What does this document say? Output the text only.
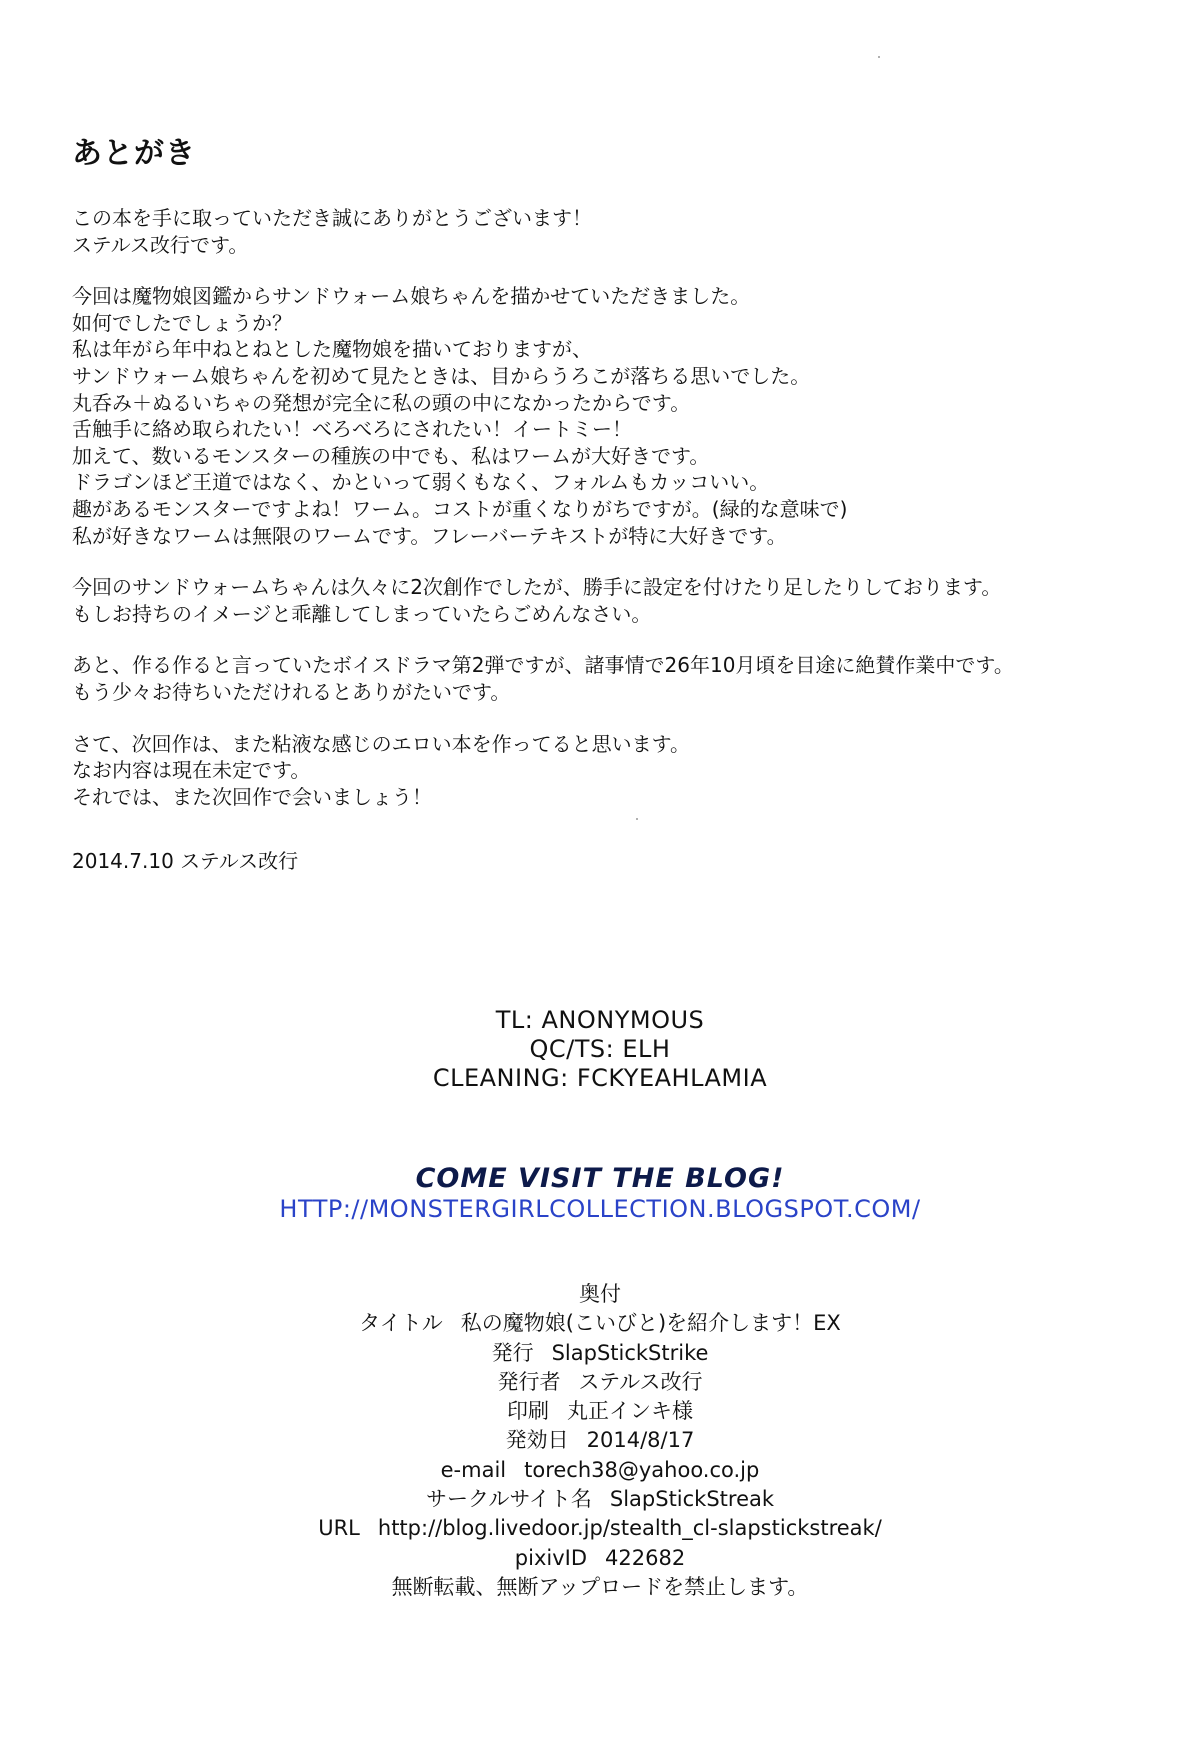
あとがき
この本を手に取っていただき誠にありがとうございます！
ステルス改行です。
今回は魔物娘図鑑からサンドウォーム娘ちゃんを描かせていただきました。
如何でしたでしょうか？
私は年がら年中ねとねとした魔物娘を描いておりますが、
サンドウォーム娘ちゃんを初めて見たときは、目からうろこが落ちる思いでした。
丸呑み＋ぬるいちゃの発想が完全に私の頭の中になかったからです。
舌触手に絡め取られたい！べろべろにされたい！イートミー！
加えて、数いるモンスターの種族の中でも、私はワームが大好きです。
ドラゴンほど王道ではなく、かといって弱くもなく、フォルムもカッコいい。
趣があるモンスターですよね！ワーム。コストが重くなりがちですが。(緑的な意味で)
私が好きなワームは無限のワームです。フレーバーテキストが特に大好きです。
今回のサンドウォームちゃんは久々に2次創作でしたが、勝手に設定を付けたり足したりしております。
もしお持ちのイメージと乖離してしまっていたらごめんなさい。
あと、作る作ると言っていたボイスドラマ第2弾ですが、諸事情で26年10月頃を目途に絶賛作業中です。
もう少々お待ちいただけれるとありがたいです。
さて、次回作は、また粘液な感じのエロい本を作ってると思います。
なお内容は現在未定です。
それでは、また次回作で会いましょう！
2014.7.10 ステルス改行
TL: ANONYMOUS
QC/TS: ELH
CLEANING: FCKYEAHLAMIA
COME VISIT THE BLOG!
HTTP://MONSTERGIRLCOLLECTION.BLOGSPOT.COM/
奥付
タイトル 私の魔物娘(こいびと)を紹介します！EX
発行 SlapStickStrike
発行者 ステルス改行
印刷 丸正インキ様
発効日 2014/8/17
e-mail torech38@yahoo.co.jp
サークルサイト名 SlapStickStreak
URL http://blog.livedoor.jp/stealth_cl-slapstickstreak/
pixivID 422682
無断転載、無断アップロードを禁止します。
